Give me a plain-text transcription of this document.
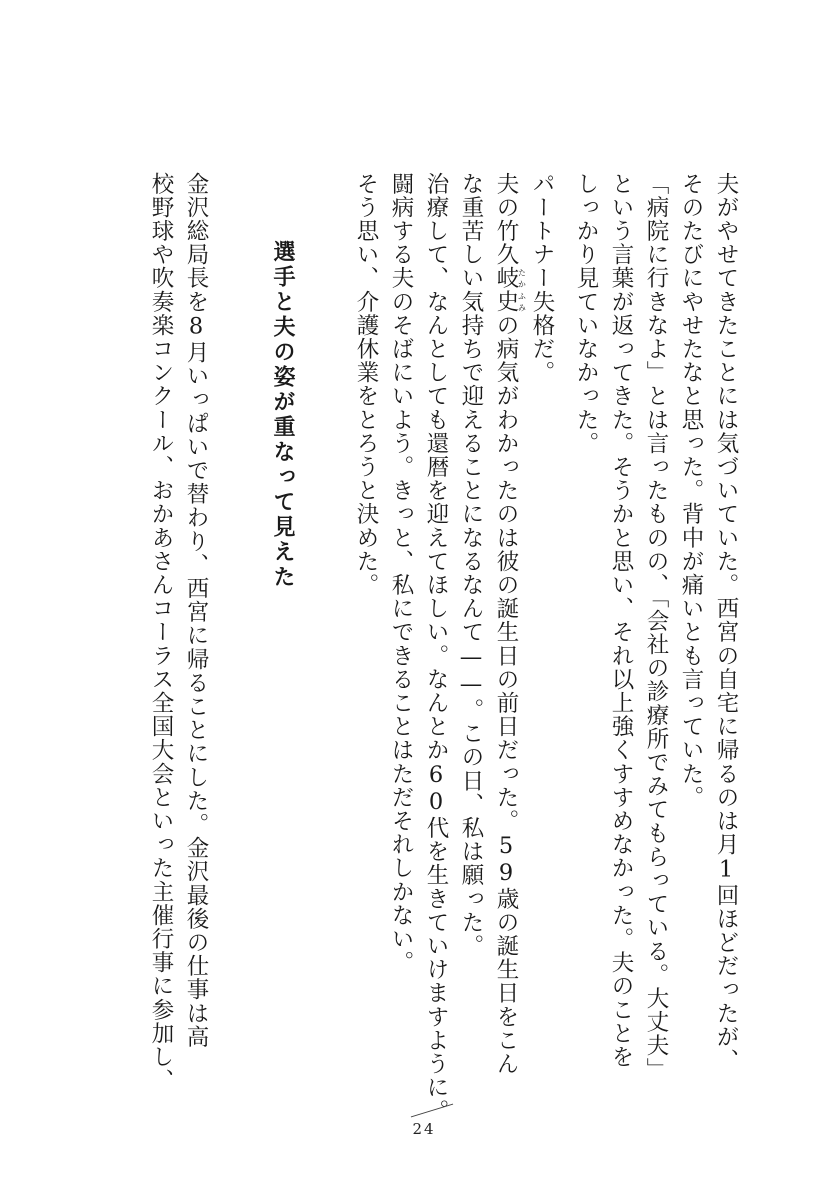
夫がやせてきたことには気づいていた。西宮の自宅に帰るのは月1回ほどだったが、
そのたびにやせたなと思った。背中が痛いとも言っていた。
「病院に行きなよ」とは言ったものの、「会社の診療所でみてもらっている。大丈夫」
という言葉が返ってきた。そうかと思い、それ以上強くすすめなかった。夫のことを
しっかり見ていなかった。
パートナー失格だ。
夫の竹久岐史たかふみの病気がわかったのは彼の誕生日の前日だった。59歳の誕生日をこん
な重苦しい気持ちで迎えることになるなんて——。この日、私は願った。
治療して、なんとしても還暦を迎えてほしい。なんとか60代を生きていけますように。
闘病する夫のそばにいよう。きっと、私にできることはただそれしかない。
そう思い、介護休業をとろうと決めた。
選手と夫の姿が重なって見えた
金沢総局長を8月いっぱいで替わり、西宮に帰ることにした。金沢最後の仕事は高
校野球や吹奏楽コンクール、おかあさんコーラス全国大会といった主催行事に参加し、
24
